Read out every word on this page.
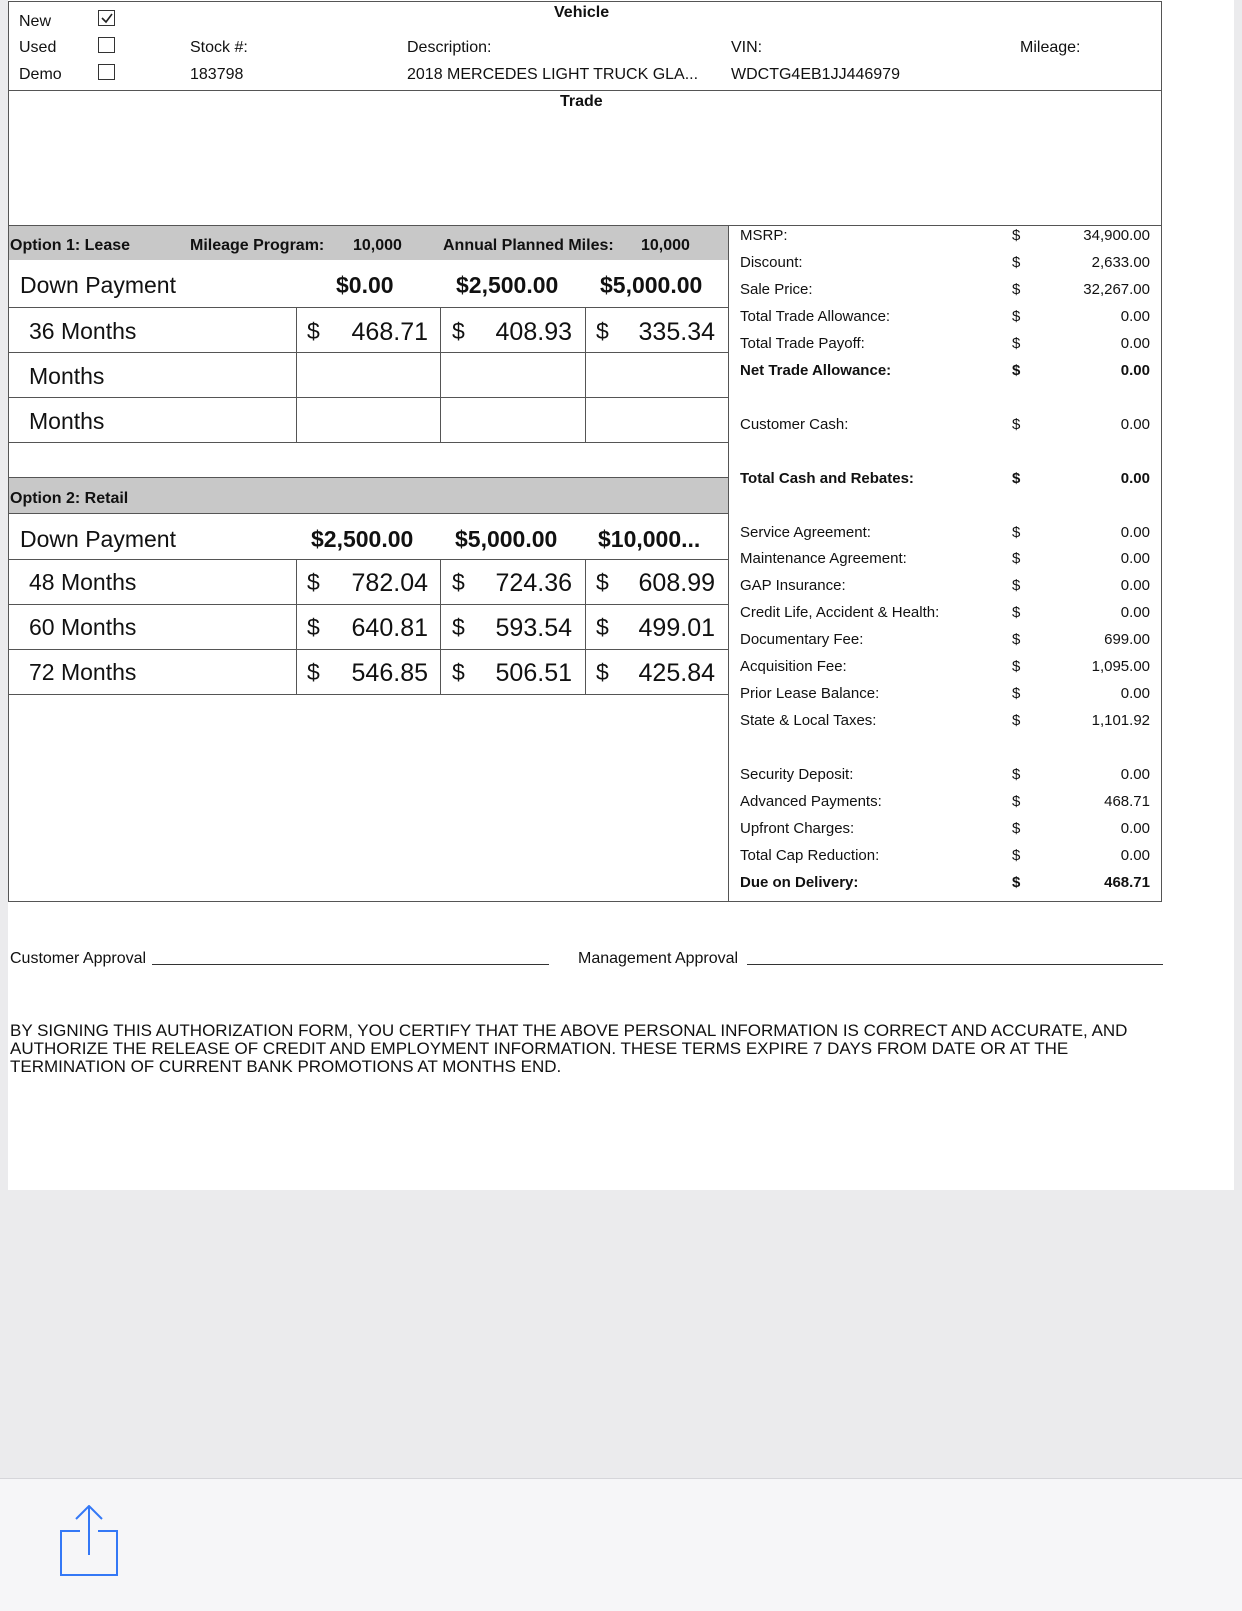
Vehicle
New
Used
Demo
Stock #:
183798
Description:
2018 MERCEDES LIGHT TRUCK GLA...
VIN:
WDCTG4EB1JJ446979
Mileage:
Trade
Option 1: Lease	Mileage Program: 10,000	Annual Planned Miles: 10,000
Down Payment	$0.00	$2,500.00 $5,000.00
36 Months	$	468.71 $	408.93 $	335.34
Months
Months
Option 2: Retail
Down Payment	$2,500.00 $5,000.00 $10,000...
48 Months	$	782.04 $	724.36 $	608.99
60 Months	$	640.81 $	593.54 $	499.01
72 Months	$	546.85 $	506.51 $	425.84
MSRP:	$	34,900.00
Discount:	$	2,633.00
Sale Price:	$	32,267.00
Total Trade Allowance:	$	0.00
Total Trade Payoff:	$	0.00
Net Trade Allowance:	$	0.00
Customer Cash:	$	0.00
Total Cash and Rebates:	$	0.00
Service Agreement:	$	0.00
Maintenance Agreement:	$	0.00
GAP Insurance:	$	0.00
Credit Life, Accident & Health:	$	0.00
Documentary Fee:	$	699.00
Acquisition Fee:	$	1,095.00
Prior Lease Balance:	$	0.00
State & Local Taxes:	$	1,101.92
Security Deposit:	$	0.00
Advanced Payments:	$	468.71
Upfront Charges:	$	0.00
Total Cap Reduction:	$	0.00
Due on Delivery:	$	468.71
Customer Approval	Management Approval
BY SIGNING THIS AUTHORIZATION FORM, YOU CERTIFY THAT THE ABOVE PERSONAL INFORMATION IS CORRECT AND ACCURATE, AND
AUTHORIZE THE RELEASE OF CREDIT AND EMPLOYMENT INFORMATION. THESE TERMS EXPIRE 7 DAYS FROM DATE OR AT THE
TERMINATION OF CURRENT BANK PROMOTIONS AT MONTHS END.
